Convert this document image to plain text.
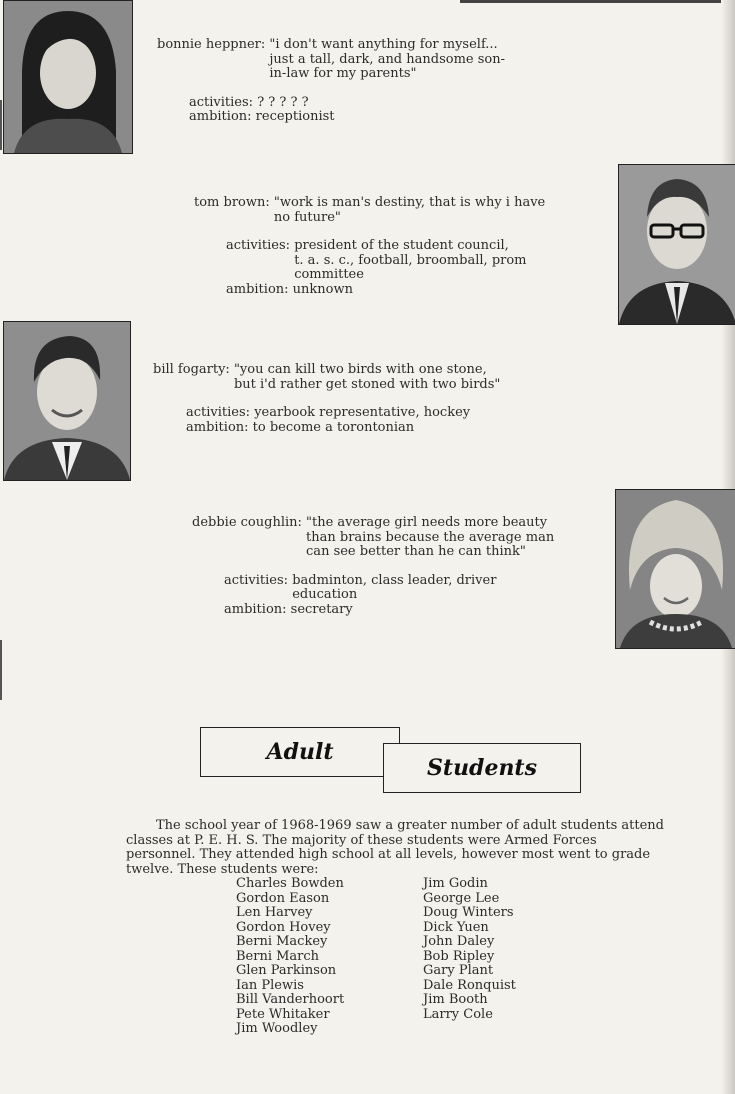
bonnie heppner: "i don't want anything for myself...
just a tall, dark, and handsome son-
in-law for my parents"
activities: ? ? ? ? ?
ambition: receptionist
tom brown: "work is man's destiny, that is why i have
no future"
activities: president of the student council,
t. a. s. c., football, broomball, prom
committee
ambition: unknown
bill fogarty: "you can kill two birds with one stone,
but i'd rather get stoned with two birds"
activities: yearbook representative, hockey
ambition: to become a torontonian
debbie coughlin: "the average girl needs more beauty
than brains because the average man
can see better than he can think"
activities: badminton, class leader, driver
education
ambition: secretary
Adult
Students
The school year of 1968-1969 saw a greater number of adult students attend classes at P. E. H. S. The majority of these students were Armed Forces personnel. They attended high school at all levels, however most went to grade twelve. These students were:
Charles Bowden
Gordon Eason
Len Harvey
Gordon Hovey
Berni Mackey
Berni March
Glen Parkinson
Ian Plewis
Bill Vanderhoort
Pete Whitaker
Jim Woodley
Jim Godin
George Lee
Doug Winters
Dick Yuen
John Daley
Bob Ripley
Gary Plant
Dale Ronquist
Jim Booth
Larry Cole
